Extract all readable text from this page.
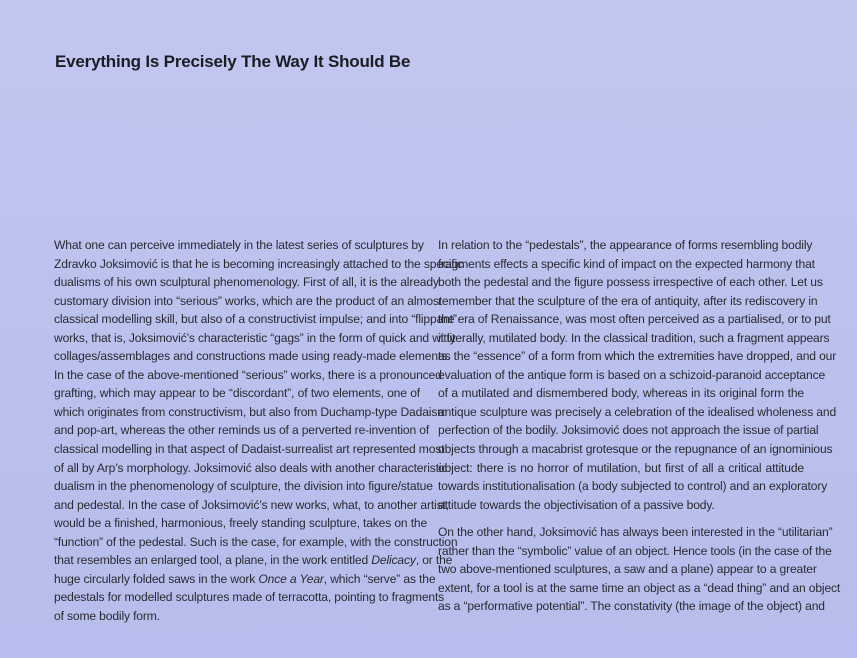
Everything Is Precisely The Way It Should Be

What one can perceive immediately in the latest series of sculptures by
Zdravko Joksimović is that he is becoming increasingly attached to the specific
dualisms of his own sculptural phenomenology. First of all, it is the already
customary division into “serious” works, which are the product of an almost
classical modelling skill, but also of a constructivist impulse; and into “flippant”
works, that is, Joksimović’s characteristic “gags” in the form of quick and witty
collages/assemblages and constructions made using ready-made elements.
In the case of the above-mentioned “serious” works, there is a pronounced
grafting, which may appear to be “discordant”, of two elements, one of
which originates from constructivism, but also from Duchamp-type Dadaism
and pop-art, whereas the other reminds us of a perverted re-invention of
classical modelling in that aspect of Dadaist-surrealist art represented most
of all by Arp’s morphology. Joksimović also deals with another characteristic
dualism in the phenomenology of sculpture, the division into figure/statue
and pedestal. In the case of Joksimović’s new works, what, to another artist,
would be a finished, harmonious, freely standing sculpture, takes on the
“function” of the pedestal. Such is the case, for example, with the construction
that resembles an enlarged tool, a plane, in the work entitled Delicacy, or the
huge circularly folded saws in the work Once a Year, which “serve” as the
pedestals for modelled sculptures made of terracotta, pointing to fragments
of some bodily form.

In relation to the “pedestals”, the appearance of forms resembling bodily
fragments effects a specific kind of impact on the expected harmony that
both the pedestal and the figure possess irrespective of each other. Let us
remember that the sculpture of the era of antiquity, after its rediscovery in
the era of Renaissance, was most often perceived as a partialised, or to put
it literally, mutilated body. In the classical tradition, such a fragment appears
as the “essence” of a form from which the extremities have dropped, and our
evaluation of the antique form is based on a schizoid-paranoid acceptance
of a mutilated and dismembered body, whereas in its original form the
antique sculpture was precisely a celebration of the idealised wholeness and
perfection of the bodily. Joksimović does not approach the issue of partial
objects through a macabrist grotesque or the repugnance of an ignominious
object: there is no horror of mutilation, but first of all a critical attitude
towards institutionalisation (a body subjected to control) and an exploratory
attitude towards the objectivisation of a passive body.

On the other hand, Joksimović has always been interested in the “utilitarian”
rather than the “symbolic” value of an object. Hence tools (in the case of the
two above-mentioned sculptures, a saw and a plane) appear to a greater
extent, for a tool is at the same time an object as a “dead thing” and an object
as a “performative potential”. The constativity (the image of the object) and
